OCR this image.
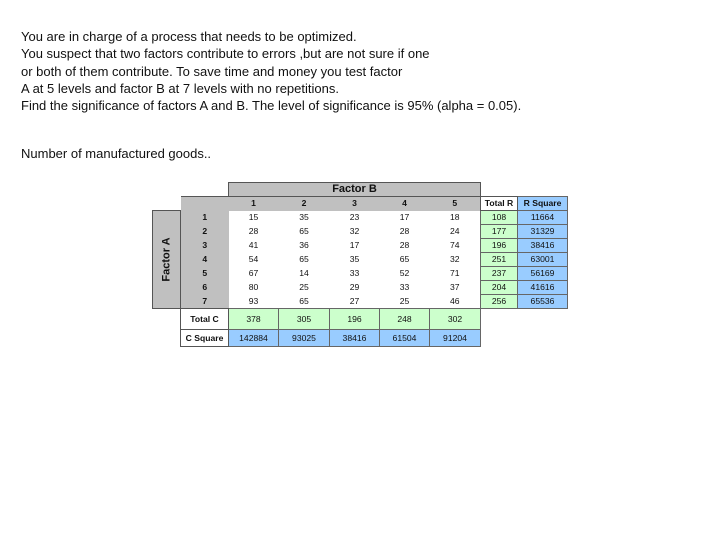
You are in charge of a process that needs to be optimized.

You suspect that two factors contribute to errors ,but are not sure if one

or both of them contribute. To save time and money you test factor

A at 5 levels and factor B at 7 levels with no repetitions.

Find the significance of factors A and B. The level of significance is 95% (alpha = 0.05).

Number of manufactured goods..
		Factor B						
		1	2	3	4	5	Total R	R Square

Factor A	1	15	35	23	17	18	108	11664
	2	28	65	32	28	24	177	31329
	3	41	36	17	28	74	196	38416
	4	54	65	35	65	32	251	63001
	5	67	14	33	52	71	237	56169
	6	80	25	29	33	37	204	41616
	7	93	65	27	25	46	256	65536
	Total C	378	305	196	248	302		
	C Square	142884	93025	38416	61504	91204		
